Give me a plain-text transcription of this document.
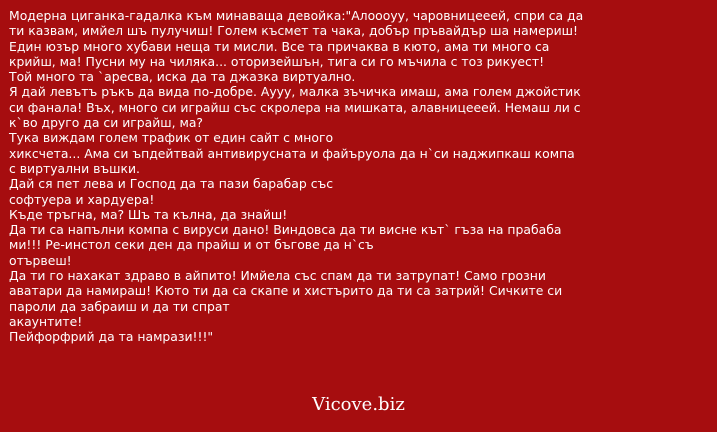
Модерна циганка-гадалка към минаваща девойка:"Алоооуу, чаровницееей, спри са да
ти казвам, имйел шъ пулучиш! Голем късмет та чака, добър пръвайдър ша намериш!
Един юзър много хубави неща ти мисли. Все та причаква в кюто, ама ти много са
крийш, ма! Пусни му на чиляка... оторизейшън, тига си го мъчила с тоз рикуест!
Той много та `аресва, иска да та джазка виртуално.
Я дай левътъ ръкъ да вида по-добре. Аууу, малка зъчичка имаш, ама голем джойстик
си фанала! Въх, много си играйш със скролера на мишката, алавницееей. Немаш ли с
к`во друго да си играйш, ма?
Тука виждам голем трафик от един сайт с много
хиксчета... Ама си ъпдейтвай антивирусната и файъруола да н`си наджипкаш компа
с виртуални въшки.
Дай ся пет лева и Господ да та пази барабар със
софтуера и хардуера!
Къде тръгна, ма? Шъ та кълна, да знайш!
Да ти са напълни компа с вируси дано! Виндовса да ти висне кът` гъза на прабаба
ми!!! Ре-инстол секи ден да прайш и от бъгове да н`съ
отървеш!
Да ти го нахакат здраво в айпито! Имйела със спам да ти затрупат! Само грозни
аватари да намираш! Кюто ти да са скапе и хистърито да ти са затрий! Сичките си
пароли да забраиш и да ти спрат
акаунтите!
Пейфорфрий да та намрази!!!"
Vicove.biz
